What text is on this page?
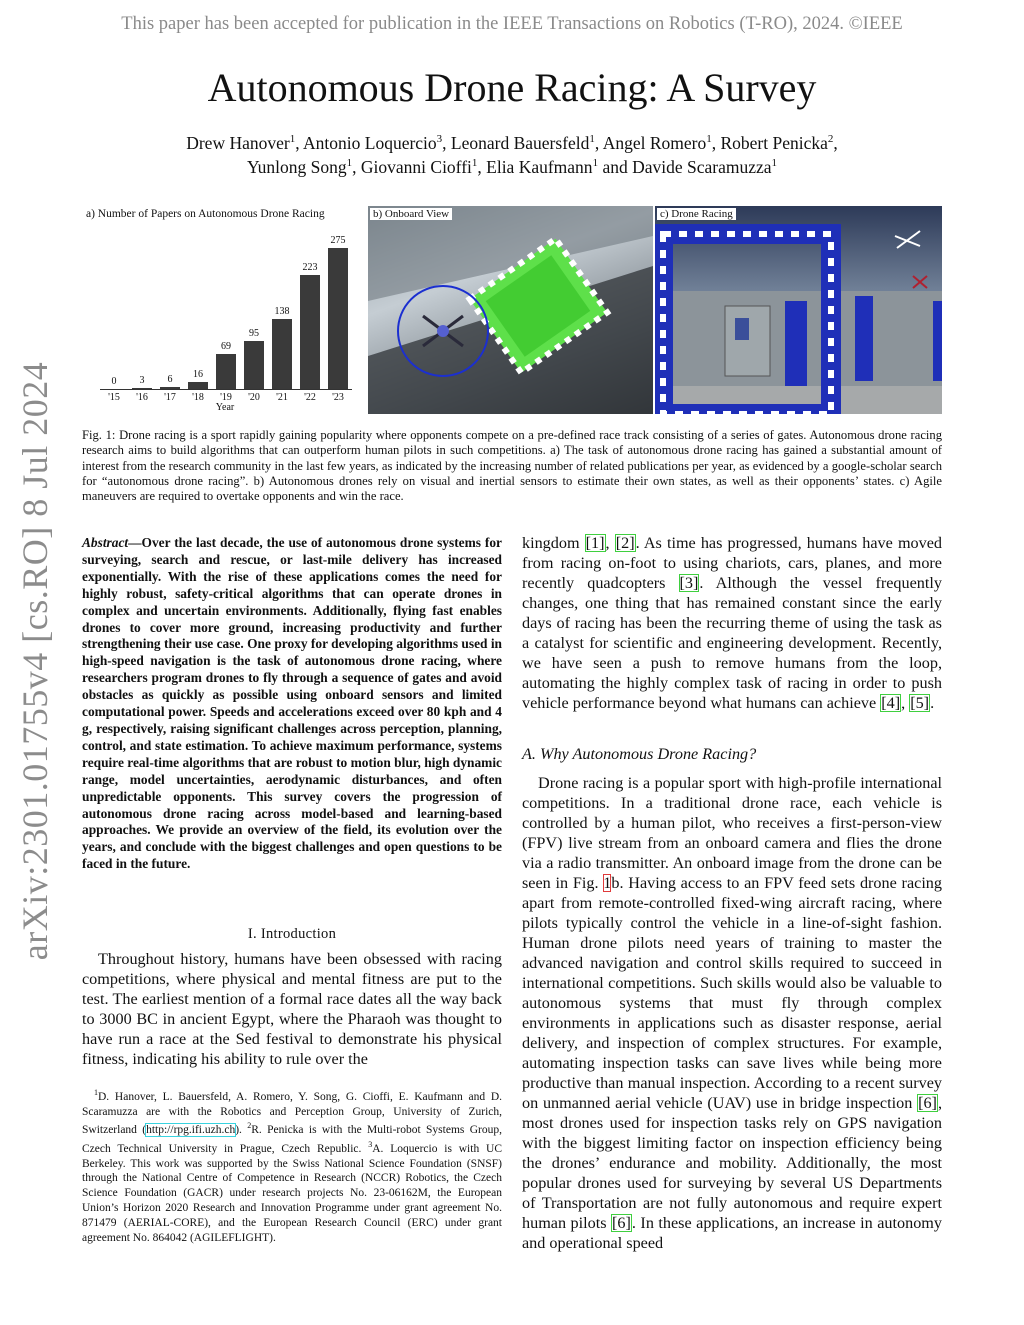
This paper has been accepted for publication in the IEEE Transactions on Robotics (T-RO), 2024. ©IEEE
Autonomous Drone Racing: A Survey
Drew Hanover$^1$, Antonio Loquercio$^3$, Leonard Bauersfeld$^1$, Angel Romero$^1$, Robert Penicka$^2$,
Yunlong Song$^1$, Giovanni Cioffi$^1$, Elia Kaufmann$^1$ and Davide Scaramuzza$^1$
arXiv:2301.01755v4 [cs.RO] 8 Jul 2024
a) Number of Papers on Autonomous Drone Racing
0	3	6	16
69
95
138
223
275
'15	'16	'17	'18	'19	'20	'21	'22	'23
Year
b) Onboard View	c) Drone Racing
Fig. 1: Drone racing is a sport rapidly gaining popularity where opponents compete on a pre-defined race track consisting of a series of gates. Autonomous drone racing research aims to build algorithms that can outperform human pilots in such competitions. a) The task of autonomous drone racing has gained a substantial amount of interest from the research community in the last few years, as indicated by the increasing number of related publications per year, as evidenced by a google-scholar search for “autonomous drone racing”. b) Autonomous drones rely on visual and inertial sensors to estimate their own states, as well as their opponents’ states. c) Agile maneuvers are required to overtake opponents and win the race.
Abstract—Over the last decade, the use of autonomous drone systems for surveying, search and rescue, or last-mile delivery has increased exponentially. With the rise of these applications comes the need for highly robust, safety-critical algorithms that can operate drones in complex and uncertain environments. Additionally, flying fast enables drones to cover more ground, increasing productivity and further strengthening their use case. One proxy for developing algorithms used in high-speed navigation is the task of autonomous drone racing, where researchers program drones to fly through a sequence of gates and avoid obstacles as quickly as possible using onboard sensors and limited computational power. Speeds and accelerations exceed over 80 kph and 4 g, respectively, raising significant challenges across perception, planning, control, and state estimation. To achieve maximum performance, systems require real-time algorithms that are robust to motion blur, high dynamic range, model uncertainties, aerodynamic disturbances, and often unpredictable opponents. This survey covers the progression of autonomous drone racing across model-based and learning-based approaches. We provide an overview of the field, its evolution over the years, and conclude with the biggest challenges and open questions to be faced in the future.
I. Introduction
Throughout history, humans have been obsessed with racing competitions, where physical and mental fitness are put to the test. The earliest mention of a formal race dates all the way back to 3000 BC in ancient Egypt, where the Pharaoh was thought to have run a race at the Sed festival to demonstrate his physical fitness, indicating his ability to rule over the
$^1$D. Hanover, L. Bauersfeld, A. Romero, Y. Song, G. Cioffi, E. Kaufmann and D. Scaramuzza are with the Robotics and Perception Group, University of Zurich, Switzerland (http://rpg.ifi.uzh.ch). $^2$R. Penicka is with the Multi-robot Systems Group, Czech Technical University in Prague, Czech Republic. $^3$A. Loquercio is with UC Berkeley. This work was supported by the Swiss National Science Foundation (SNSF) through the National Centre of Competence in Research (NCCR) Robotics, the Czech Science Foundation (GACR) under research projects No. 23-06162M, the European Union’s Horizon 2020 Research and Innovation Programme under grant agreement No. 871479 (AERIAL-CORE), and the European Research Council (ERC) under grant agreement No. 864042 (AGILEFLIGHT).
kingdom [1], [2]. As time has progressed, humans have moved from racing on-foot to using chariots, cars, planes, and more recently quadcopters [3]. Although the vessel frequently changes, one thing that has remained constant since the early days of racing has been the recurring theme of using the task as a catalyst for scientific and engineering development. Recently, we have seen a push to remove humans from the loop, automating the highly complex task of racing in order to push vehicle performance beyond what humans can achieve [4], [5].
A. Why Autonomous Drone Racing?
Drone racing is a popular sport with high-profile international competitions. In a traditional drone race, each vehicle is controlled by a human pilot, who receives a first-person-view (FPV) live stream from an onboard camera and flies the drone via a radio transmitter. An onboard image from the drone can be seen in Fig. 1b. Having access to an FPV feed sets drone racing apart from remote-controlled fixed-wing aircraft racing, where pilots typically control the vehicle in a line-of-sight fashion. Human drone pilots need years of training to master the advanced navigation and control skills required to succeed in international competitions. Such skills would also be valuable to autonomous systems that must fly through complex environments in applications such as disaster response, aerial delivery, and inspection of complex structures. For example, automating inspection tasks can save lives while being more productive than manual inspection. According to a recent survey on unmanned aerial vehicle (UAV) use in bridge inspection [6], most drones used for inspection tasks rely on GPS navigation with the biggest limiting factor on inspection efficiency being the drones’ endurance and mobility. Additionally, the most popular drones used for surveying by several US Departments of Transportation are not fully autonomous and require expert human pilots [6]. In these applications, an increase in autonomy and operational speed
